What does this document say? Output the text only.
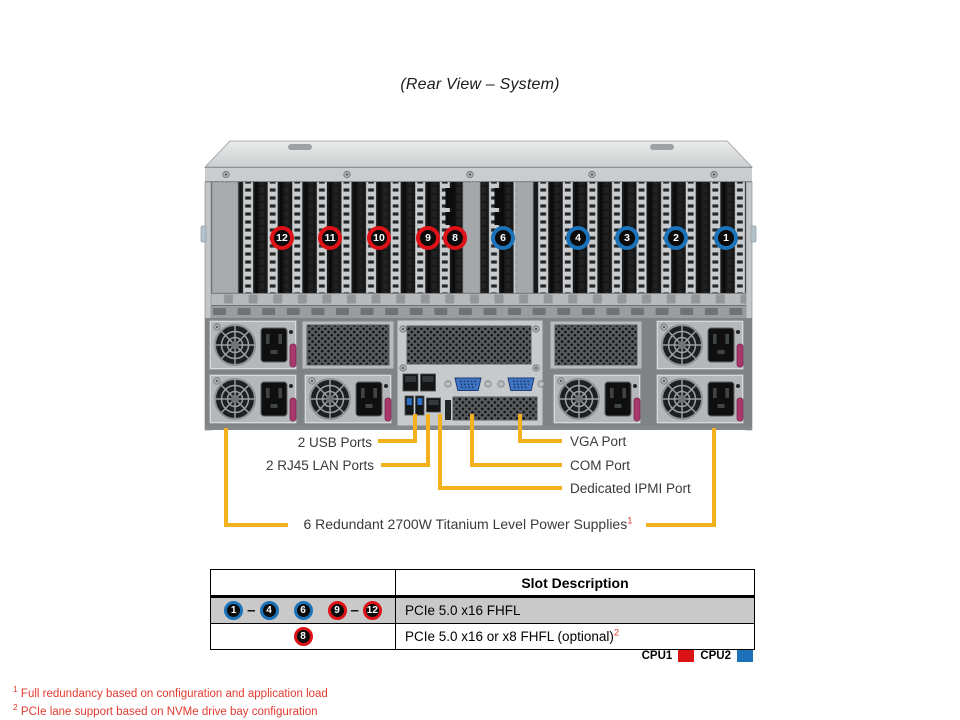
(Rear View – System)
12	11	10	9	8	6	4	3	2	1
2 USB Ports
2 RJ45 LAN Ports
VGA Port
COM Port
Dedicated IPMI Port
6 Redundant 2700W Titanium Level Power Supplies$^1$
	Slot Description
1 – 4 6 9 – 12	PCIe 5.0 x16 FHFL
8	PCIe 5.0 x16 or x8 FHFL (optional)$^2$
CPU1 CPU2
$^1$ Full redundancy based on configuration and application load
$^2$ PCIe lane support based on NVMe drive bay configuration
